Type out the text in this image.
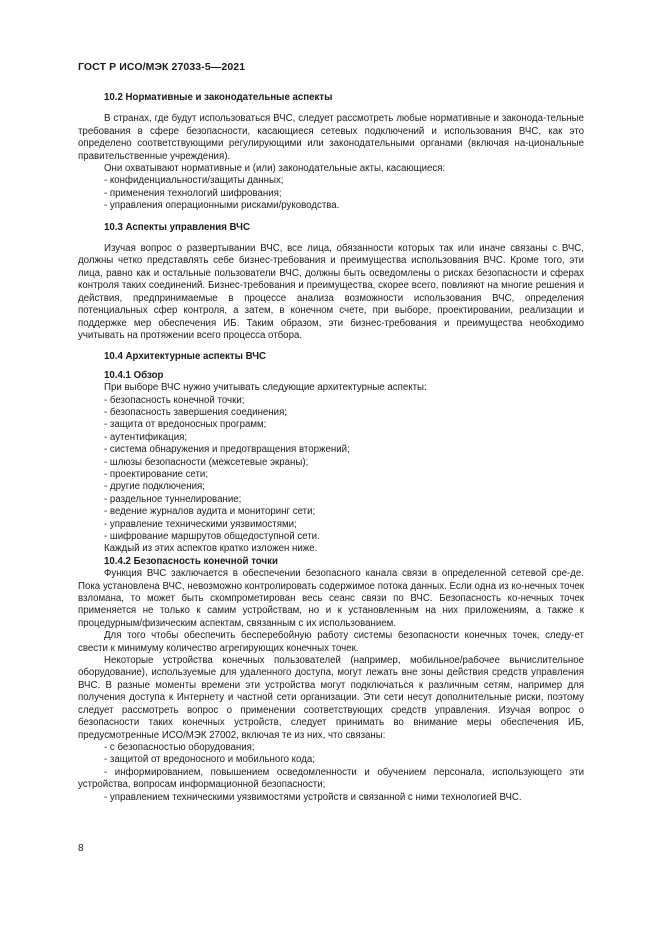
ГОСТ Р ИСО/МЭК 27033-5—2021

10.2 Нормативные и законодательные аспекты

В странах, где будут использоваться ВЧС, следует рассмотреть любые нормативные и законода-тельные требования в сфере безопасности, касающиеся сетевых подключений и использования ВЧС, как это определено соответствующими регулирующими или законодательными органами (включая на-циональные правительственные учреждения).

Они охватывают нормативные и (или) законодательные акты, касающиеся:

- конфиденциальности/защиты данных;

- применения технологий шифрования;

- управления операционными рисками/руководства.

10.3 Аспекты управления ВЧС

Изучая вопрос о развертывании ВЧС, все лица, обязанности которых так или иначе связаны с ВЧС, должны четко представлять себе бизнес-требования и преимущества использования ВЧС. Кроме того, эти лица, равно как и остальные пользователи ВЧС, должны быть осведомлены о рисках безопасности и сферах контроля таких соединений. Бизнес-требования и преимущества, скорее всего, повлияют на многие решения и действия, предпринимаемые в процессе анализа возможности использования ВЧС, определения потенциальных сфер контроля, а затем, в конечном счете, при выборе, проектировании, реализации и поддержке мер обеспечения ИБ. Таким образом, эти бизнес-требования и преимущества необходимо учитывать на протяжении всего процесса отбора.

10.4 Архитектурные аспекты ВЧС

10.4.1 Обзор

При выборе ВЧС нужно учитывать следующие архитектурные аспекты:

- безопасность конечной точки;

- безопасность завершения соединения;

- защита от вредоносных программ;

- аутентификация;

- система обнаружения и предотвращения вторжений;

- шлюзы безопасности (межсетевые экраны);

- проектирование сети;

- другие подключения;

- раздельное туннелирование;

- ведение журналов аудита и мониторинг сети;

- управление техническими уязвимостями;

- шифрование маршрутов общедоступной сети.

Каждый из этих аспектов кратко изложен ниже.

10.4.2 Безопасность конечной точки

Функция ВЧС заключается в обеспечении безопасного канала связи в определенной сетевой сре-де. Пока установлена ВЧС, невозможно контролировать содержимое потока данных. Если одна из ко-нечных точек взломана, то может быть скомпрометирован весь сеанс связи по ВЧС. Безопасность ко-нечных точек применяется не только к самим устройствам, но и к установленным на них приложениям, а также к процедурным/физическим аспектам, связанным с их использованием.

Для того чтобы обеспечить бесперебойную работу системы безопасности конечных точек, следу-ет свести к минимуму количество агрегирующих конечных точек.

Некоторые устройства конечных пользователей (например, мобильное/рабочее вычислительное оборудование), используемые для удаленного доступа, могут лежать вне зоны действия средств управления ВЧС. В разные моменты времени эти устройства могут подключаться к различным сетям, например для получения доступа к Интернету и частной сети организации. Эти сети несут дополнительные риски, поэтому следует рассмотреть вопрос о применении соответствующих средств управления. Изучая вопрос о безопасности таких конечных устройств, следует принимать во внимание меры обеспечения ИБ, предусмотренные ИСО/МЭК 27002, включая те из них, что связаны:

- с безопасностью оборудования;

- защитой от вредоносного и мобильного кода;

- информированием, повышением осведомленности и обучением персонала, использующего эти устройства, вопросам информационной безопасности;

- управлением техническими уязвимостями устройств и связанной с ними технологией ВЧС.

8
